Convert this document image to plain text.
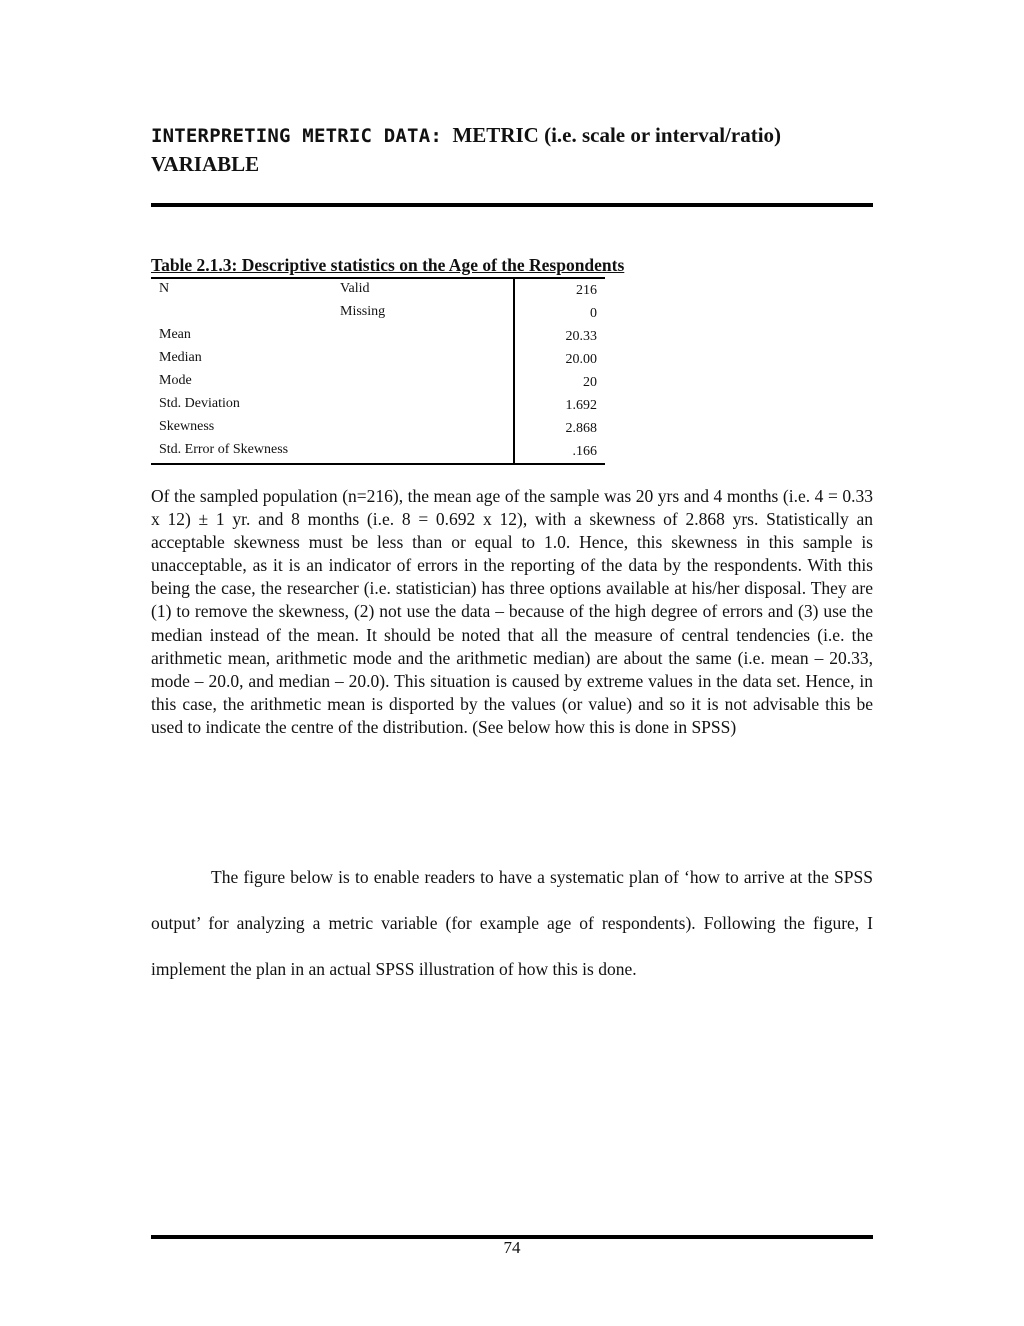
INTERPRETING METRIC DATA: METRIC (i.e. scale or interval/ratio) VARIABLE
Table 2.1.3: Descriptive statistics on the Age of the Respondents
N	Valid	216
Missing	0
Mean	20.33
Median	20.00
Mode	20
Std. Deviation	1.692
Skewness	2.868
Std. Error of Skewness	.166

Of the sampled population (n=216), the mean age of the sample was 20 yrs and 4 months (i.e. 4 = 0.33 x 12) ± 1 yr. and 8 months (i.e. 8 = 0.692 x 12), with a skewness of 2.868 yrs. Statistically an acceptable skewness must be less than or equal to 1.0. Hence, this skewness in this sample is unacceptable, as it is an indicator of errors in the reporting of the data by the respondents. With this being the case, the researcher (i.e. statistician) has three options available at his/her disposal. They are (1) to remove the skewness, (2) not use the data – because of the high degree of errors and (3) use the median instead of the mean. It should be noted that all the measure of central tendencies (i.e. the arithmetic mean, arithmetic mode and the arithmetic median) are about the same (i.e. mean – 20.33, mode – 20.0, and median – 20.0). This situation is caused by extreme values in the data set. Hence, in this case, the arithmetic mean is disported by the values (or value) and so it is not advisable this be used to indicate the centre of the distribution. (See below how this is done in SPSS)

The figure below is to enable readers to have a systematic plan of ‘how to arrive at the SPSS output’ for analyzing a metric variable (for example age of respondents). Following the figure, I implement the plan in an actual SPSS illustration of how this is done.

74
